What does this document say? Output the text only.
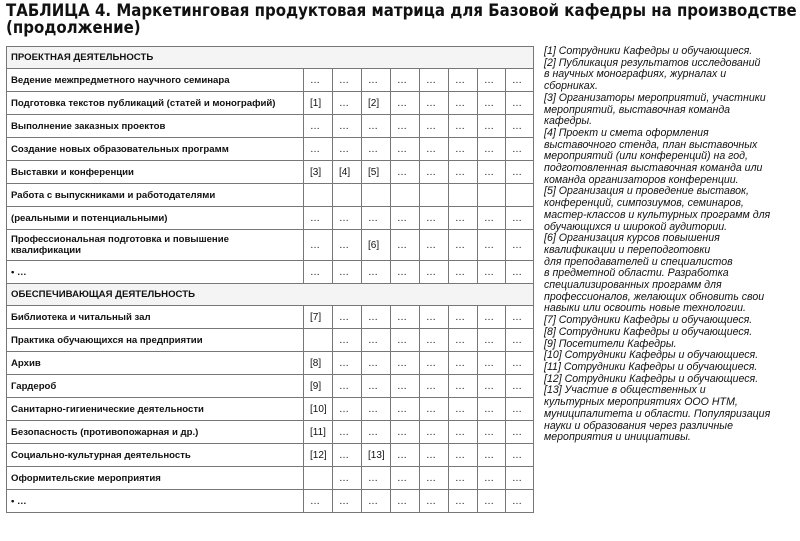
ТАБЛИЦА 4. Маркетинговая продуктовая матрица для Базовой кафедры на производстве
(продолжение)
ПРОЕКТНАЯ ДЕЯТЕЛЬНОСТЬ								
Ведение межпредметного научного семинара	…	…	…	…	…	…	…	…
Подготовка текстов публикаций (статей и монографий)	[1]	…	[2]	…	…	…	…	…
Выполнение заказных проектов	…	…	…	…	…	…	…	…
Создание новых образовательных программ	…	…	…	…	…	…	…	…
Выставки и конференции	[3]	[4]	[5]	…	…	…	…	…
Работа с выпускниками и работодателями								
(реальными и потенциальными)	…	…	…	…	…	…	…	…
Профессиональная подготовка и повышение квалификации	…	…	[6]	…	…	…	…	…
• …	…	…	…	…	…	…	…	…
ОБЕСПЕЧИВАЮЩАЯ ДЕЯТЕЛЬНОСТЬ								
Библиотека и читальный зал	[7]	…	…	…	…	…	…	…
Практика обучающихся на предприятии		…	…	…	…	…	…	…
Архив	[8]	…	…	…	…	…	…	…
Гардероб	[9]	…	…	…	…	…	…	…
Санитарно-гигиенические деятельности	[10]	…	…	…	…	…	…	…
Безопасность (противопожарная и др.)	[11]	…	…	…	…	…	…	…
Социально-культурная деятельность	[12]	…	[13]	…	…	…	…	…
Оформительские мероприятия		…	…	…	…	…	…	…
• …	…	…	…	…	…	…	…	…
[1] Сотрудники Кафедры и обучающиеся.
[2] Публикация результатов исследований
в научных монографиях, журналах и
сборниках.
[3] Организаторы мероприятий, участники
мероприятий, выставочная команда
кафедры.
[4] Проект и смета оформления
выставочного стенда, план выставочных
мероприятий (или конференций) на год,
подготовленная выставочная команда или
команда организаторов конференции.
[5] Организация и проведение выставок,
конференций, симпозиумов, семинаров,
мастер-классов и культурных программ для
обучающихся и широкой аудитории.
[6] Организация курсов повышения
квалификации и переподготовки
для преподавателей и специалистов
в предметной области. Разработка
специализированных программ для
профессионалов, желающих обновить свои
навыки или освоить новые технологии.
[7] Сотрудники Кафедры и обучающиеся.
[8] Сотрудники Кафедры и обучающиеся.
[9] Посетители Кафедры.
[10] Сотрудники Кафедры и обучающиеся.
[11] Сотрудники Кафедры и обучающиеся.
[12] Сотрудники Кафедры и обучающиеся.
[13] Участие в общественных и
культурных мероприятиях ООО НТМ,
муниципалитета и области. Популяризация
науки и образования через различные
мероприятия и инициативы.
